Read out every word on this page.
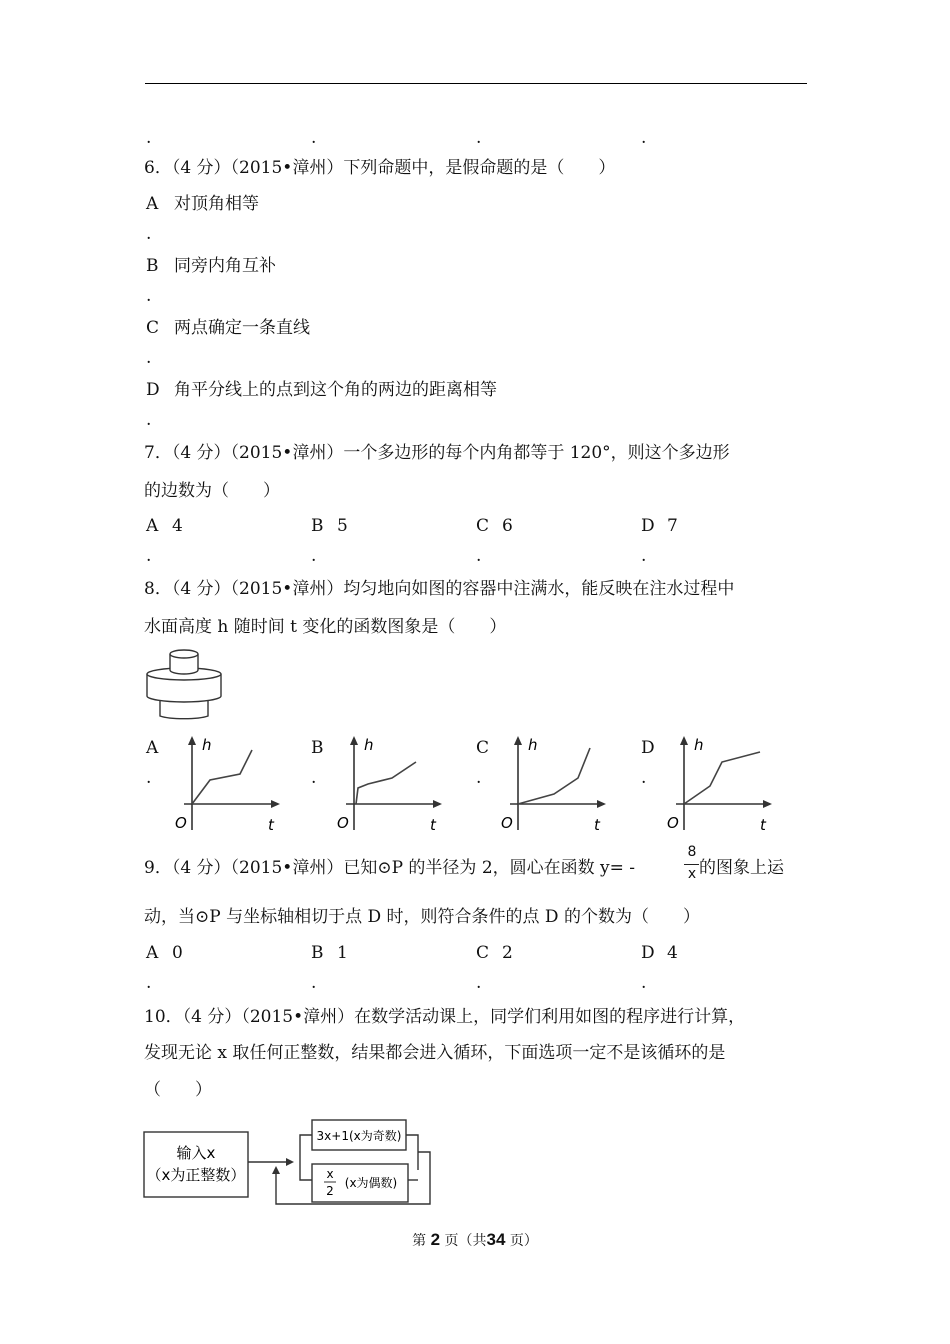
.	.	.	.
6．（4 分）（2015•漳州）下列命题中，是假命题的是（　　）
A 对顶角相等
.
B 同旁内角互补
.
C 两点确定一条直线
.
D 角平分线上的点到这个角的两边的距离相等
.
7．（4 分）（2015•漳州）一个多边形的每个内角都等于 120°，则这个多边形
的边数为（　　）
A 4
.
B 5
.
C 6
.
D 7
.
8．（4 分）（2015•漳州）均匀地向如图的容器中注满水，能反映在注水过程中
水面高度 h 随时间 t 变化的函数图象是（　　）
A
.
h
O	t
B
.
h
O	t
C
.
h
O	t
D
.
h
O	t
9．（4 分）（2015•漳州）已知⊙P 的半径为 2，圆心在函数 y= -
8
x 的图象上运
动，当⊙P 与坐标轴相切于点 D 时，则符合条件的点 D 的个数为（　　）
A 0
.
B 1
.
C 2
.
D 4
.
10．（4 分）（2015•漳州）在数学活动课上，同学们利用如图的程序进行计算，
发现无论 x 取任何正整数，结果都会进入循环，下面选项一定不是该循环的是
（　　）
输入x
（x为正整数）
3x+1(x为奇数)
x
2
(x为偶数)
第 2 页（共34 页）
